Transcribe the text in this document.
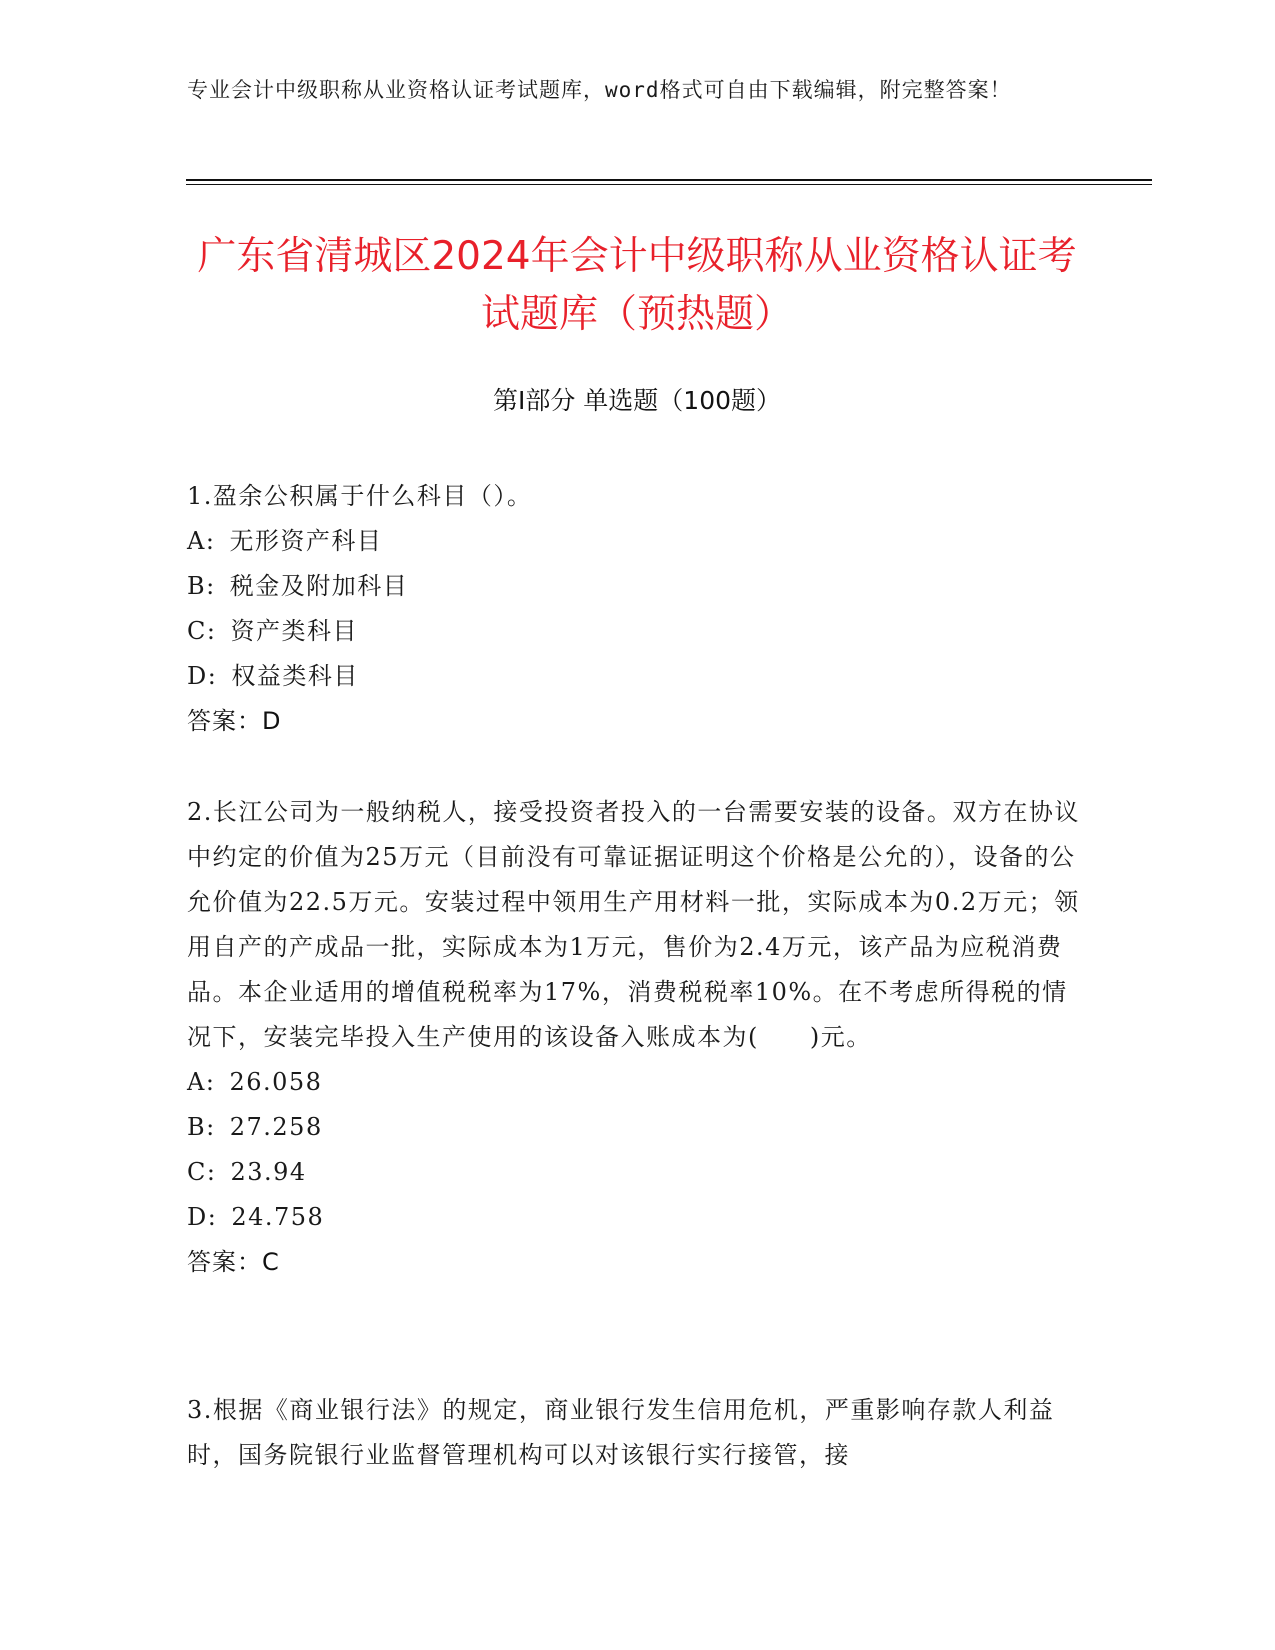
专业会计中级职称从业资格认证考试题库，word格式可自由下载编辑，附完整答案！
广东省清城区2024年会计中级职称从业资格认证考试题库（预热题）
第I部分 单选题（100题）

1.盈余公积属于什么科目（）。

A: 无形资产科目

B: 税金及附加科目

C: 资产类科目

D: 权益类科目

答案：D

2.长江公司为一般纳税人，接受投资者投入的一台需要安装的设备。双方在协议中约定的价值为25万元（目前没有可靠证据证明这个价格是公允的），设备的公允价值为22.5万元。安装过程中领用生产用材料一批，实际成本为0.2万元；领用自产的产成品一批，实际成本为1万元，售价为2.4万元，该产品为应税消费品。本企业适用的增值税税率为17%，消费税税率10%。在不考虑所得税的情况下，安装完毕投入生产使用的该设备入账成本为(　　)元。

A: 26.058

B: 27.258

C: 23.94

D: 24.758

答案：C

3.根据《商业银行法》的规定，商业银行发生信用危机，严重影响存款人利益时，国务院银行业监督管理机构可以对该银行实行接管，接
